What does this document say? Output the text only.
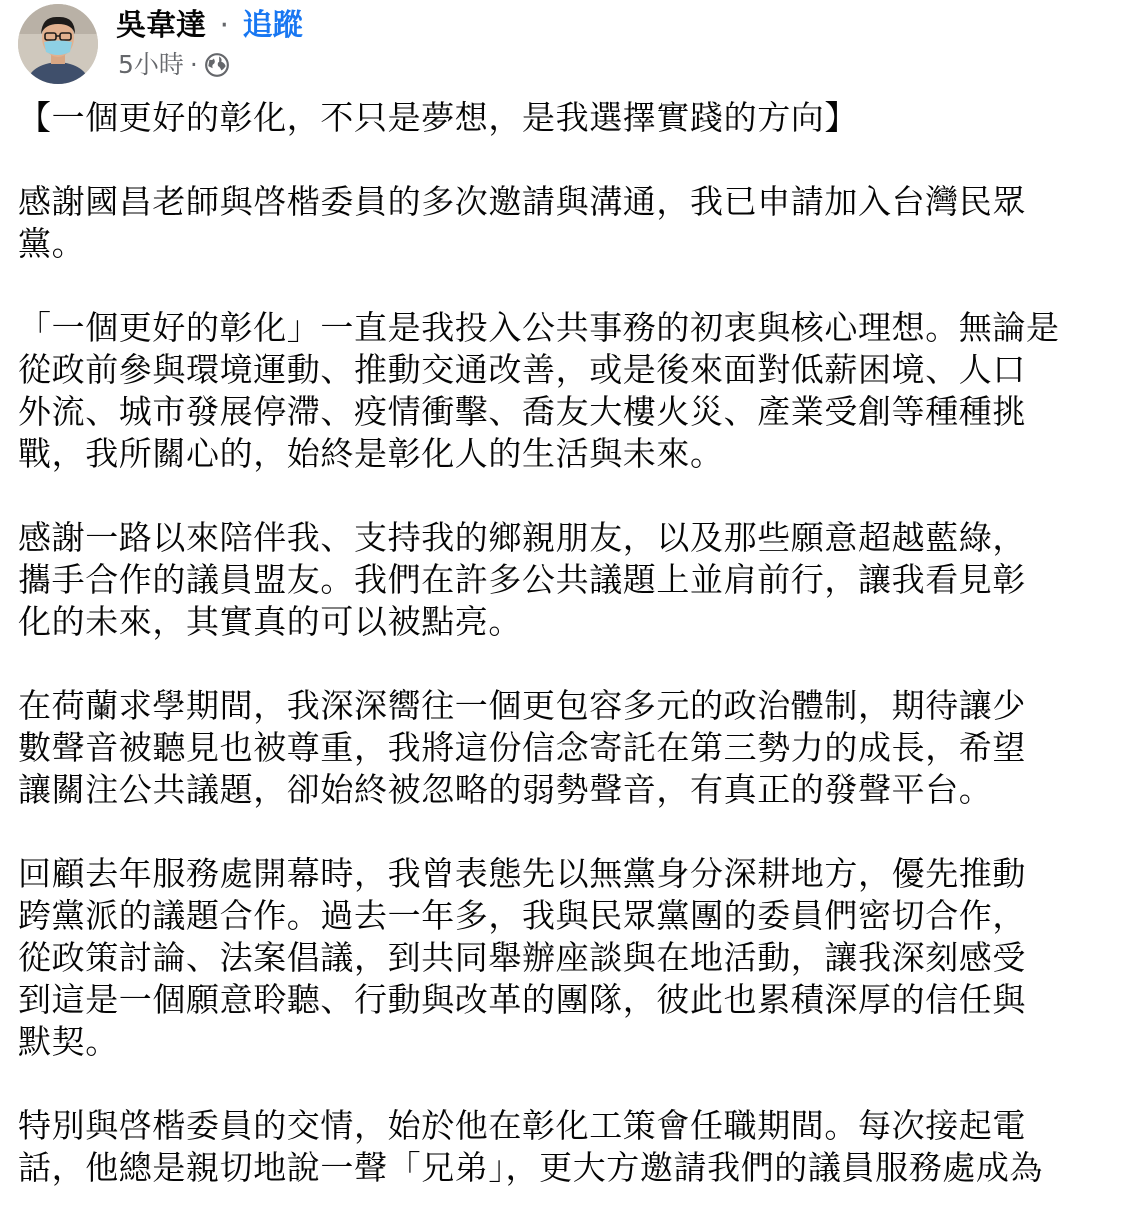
吳韋達 · 追蹤
5小時 ·

【一個更好的彰化，不只是夢想，是我選擇實踐的方向】

感謝國昌老師與啓楷委員的多次邀請與溝通，我已申請加入台灣民眾
黨。

「一個更好的彰化」一直是我投入公共事務的初衷與核心理想。無論是
從政前參與環境運動、推動交通改善，或是後來面對低薪困境、人口
外流、城市發展停滯、疫情衝擊、喬友大樓火災、產業受創等種種挑
戰，我所關心的，始終是彰化人的生活與未來。

感謝一路以來陪伴我、支持我的鄉親朋友，以及那些願意超越藍綠，
攜手合作的議員盟友。我們在許多公共議題上並肩前行，讓我看見彰
化的未來，其實真的可以被點亮。

在荷蘭求學期間，我深深嚮往一個更包容多元的政治體制，期待讓少
數聲音被聽見也被尊重，我將這份信念寄託在第三勢力的成長，希望
讓關注公共議題，卻始終被忽略的弱勢聲音，有真正的發聲平台。

回顧去年服務處開幕時，我曾表態先以無黨身分深耕地方，優先推動
跨黨派的議題合作。過去一年多，我與民眾黨團的委員們密切合作，
從政策討論、法案倡議，到共同舉辦座談與在地活動，讓我深刻感受
到這是一個願意聆聽、行動與改革的團隊，彼此也累積深厚的信任與
默契。

特別與啓楷委員的交情，始於他在彰化工策會任職期間。每次接起電
話，他總是親切地說一聲「兄弟」，更大方邀請我們的議員服務處成為
